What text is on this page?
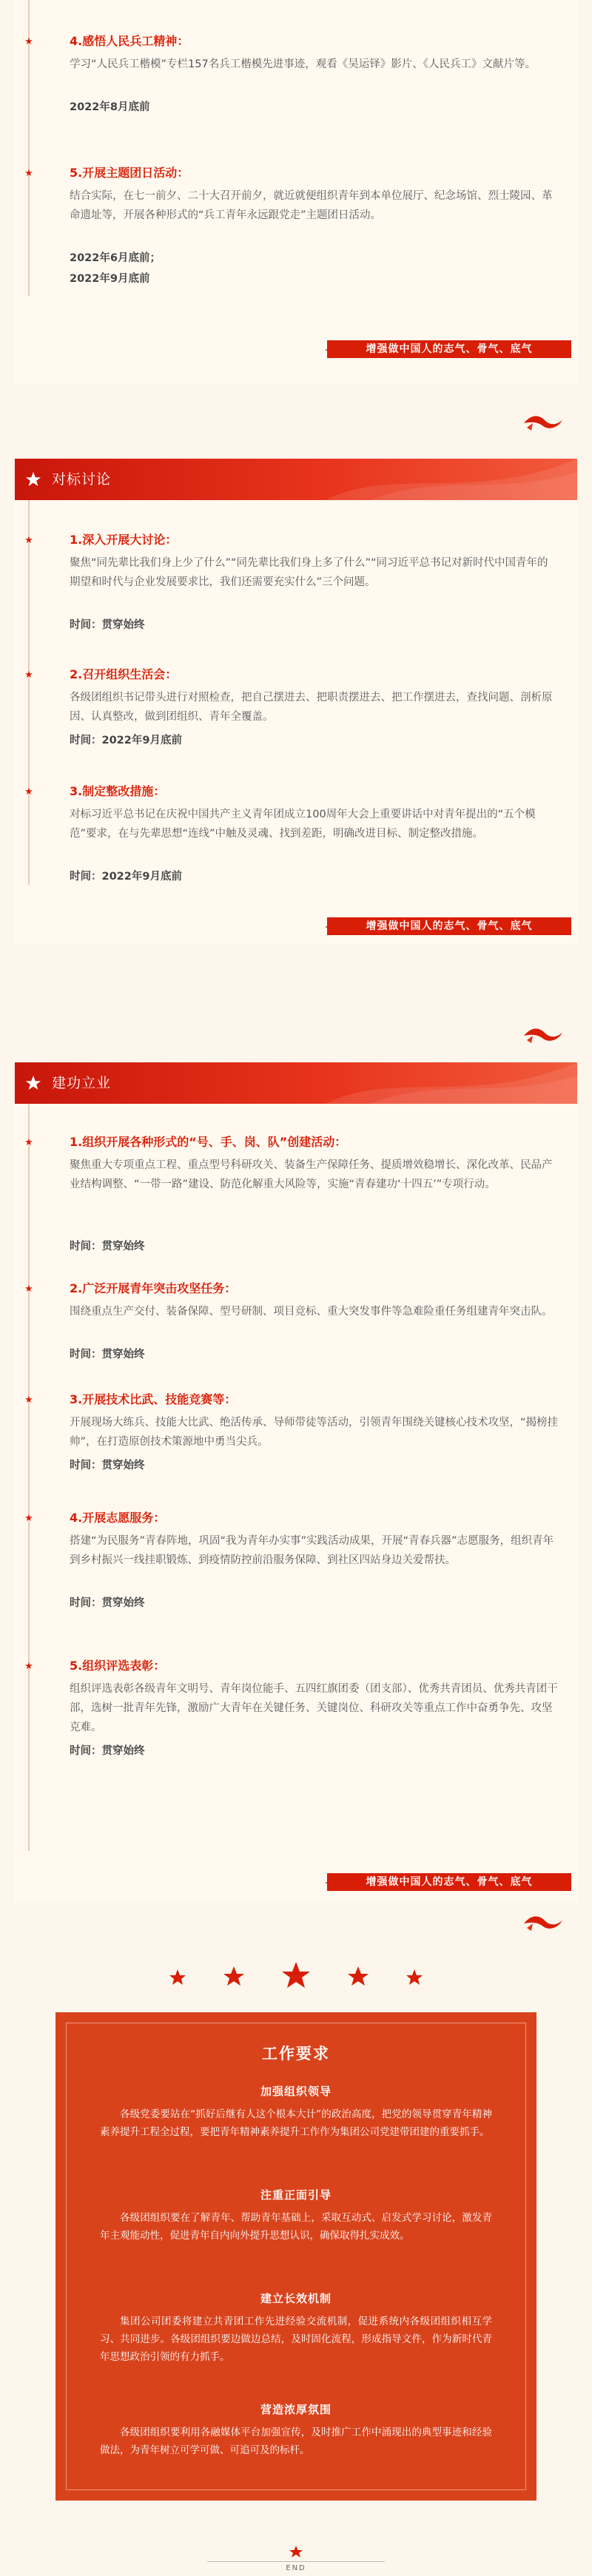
★	4.感悟人民兵工精神：
学习“人民兵工楷模”专栏157名兵工楷模先进事迹，观看《吴运铎》影片、《人民兵工》文献片等。
2022年8月底前
★	5.开展主题团日活动：
结合实际，在七一前夕、二十大召开前夕，就近就便组织青年到本单位展厅、纪念场馆、烈士陵园、革命遗址等，开展各种形式的“兵工青年永远跟党走”主题团日活动。
2022年6月底前；
2022年9月底前
增强做中国人的志气、骨气、底气
对标讨论
★	1.深入开展大讨论：
聚焦“同先辈比我们身上少了什么”“同先辈比我们身上多了什么”“同习近平总书记对新时代中国青年的期望和时代与企业发展要求比，我们还需要充实什么”三个问题。
时间：贯穿始终
★	2.召开组织生活会：
各级团组织书记带头进行对照检查，把自己摆进去、把职责摆进去、把工作摆进去，查找问题、剖析原因、认真整改，做到团组织、青年全覆盖。
时间：2022年9月底前
★	3.制定整改措施：
对标习近平总书记在庆祝中国共产主义青年团成立100周年大会上重要讲话中对青年提出的“五个模范”要求，在与先辈思想“连线”中触及灵魂、找到差距，明确改进目标、制定整改措施。
时间：2022年9月底前
增强做中国人的志气、骨气、底气
建功立业
★	1.组织开展各种形式的“号、手、岗、队”创建活动：
聚焦重大专项重点工程、重点型号科研攻关、装备生产保障任务、提质增效稳增长、深化改革、民品产业结构调整、“一带一路”建设、防范化解重大风险等，实施“青春建功‘十四五’”专项行动。
时间：贯穿始终
★	2.广泛开展青年突击攻坚任务：
围绕重点生产交付、装备保障、型号研制、项目竞标、重大突发事件等急难险重任务组建青年突击队。
时间：贯穿始终
★	3.开展技术比武、技能竞赛等：
开展现场大练兵、技能大比武、绝活传承、导师带徒等活动，引领青年围绕关键核心技术攻坚，“揭榜挂帅”，在打造原创技术策源地中勇当尖兵。
时间：贯穿始终
★	4.开展志愿服务：
搭建“为民服务”青春阵地，巩固“我为青年办实事”实践活动成果，开展“青春兵器”志愿服务，组织青年到乡村振兴一线挂职锻炼、到疫情防控前沿服务保障、到社区四站身边关爱帮扶。
时间：贯穿始终
★	5.组织评选表彰：
组织评选表彰各级青年文明号、青年岗位能手、五四红旗团委（团支部）、优秀共青团员、优秀共青团干部，选树一批青年先锋，激励广大青年在关键任务、关键岗位、科研攻关等重点工作中奋勇争先、攻坚克难。
时间：贯穿始终
增强做中国人的志气、骨气、底气
工作要求
加强组织领导
各级党委要站在“抓好后继有人这个根本大计”的政治高度，把党的领导贯穿青年精神素养提升工程全过程，要把青年精神素养提升工作作为集团公司党建带团建的重要抓手。
注重正面引导
各级团组织要在了解青年、帮助青年基础上，采取互动式、启发式学习讨论，激发青年主观能动性，促进青年自内向外提升思想认识，确保取得扎实成效。
建立长效机制
集团公司团委将建立共青团工作先进经验交流机制，促进系统内各级团组织相互学习、共同进步。各级团组织要边做边总结，及时固化流程，形成指导文件，作为新时代青年思想政治引领的有力抓手。
营造浓厚氛围
各级团组织要利用各融媒体平台加强宣传，及时推广工作中涌现出的典型事迹和经验做法，为青年树立可学可做、可追可及的标杆。
END
